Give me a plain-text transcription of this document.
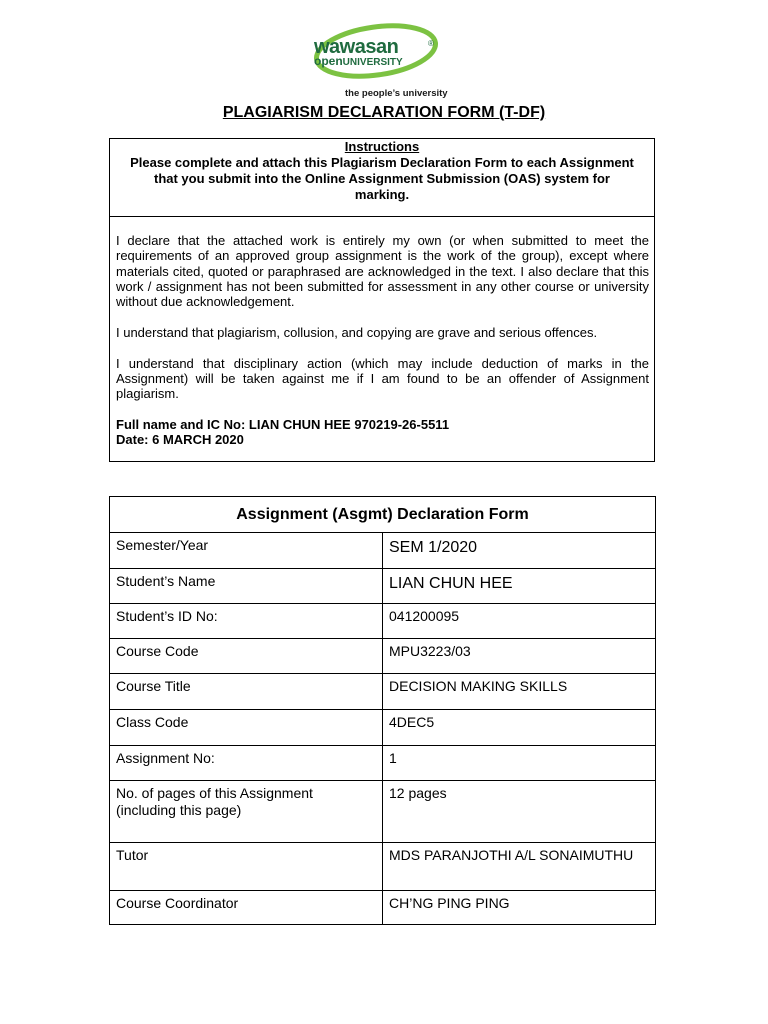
wawasan	®
openUNIVERSITY
the people’s university
PLAGIARISM DECLARATION FORM (T-DF)
Instructions
Please complete and attach this Plagiarism Declaration Form to each Assignment that you submit into the Online Assignment Submission (OAS) system for marking.

I declare that the attached work is entirely my own (or when submitted to meet the requirements of an approved group assignment is the work of the group), except where materials cited, quoted or paraphrased are acknowledged in the text. I also declare that this work / assignment has not been submitted for assessment in any other course or university without due acknowledgement.

I understand that plagiarism, collusion, and copying are grave and serious offences.

I understand that disciplinary action (which may include deduction of marks in the Assignment) will be taken against me if I am found to be an offender of Assignment plagiarism.

Full name and IC No: LIAN CHUN HEE 970219-26-5511
Date: 6 MARCH 2020
Assignment (Asgmt) Declaration Form	
Semester/Year	SEM 1/2020
Student’s Name	LIAN CHUN HEE
Student’s ID No:	041200095
Course Code	MPU3223/03
Course Title	DECISION MAKING SKILLS
Class Code	4DEC5
Assignment No:	1
No. of pages of this Assignment (including this page)	12 pages
Tutor	MDS PARANJOTHI A/L SONAIMUTHU
Course Coordinator	CH’NG PING PING
